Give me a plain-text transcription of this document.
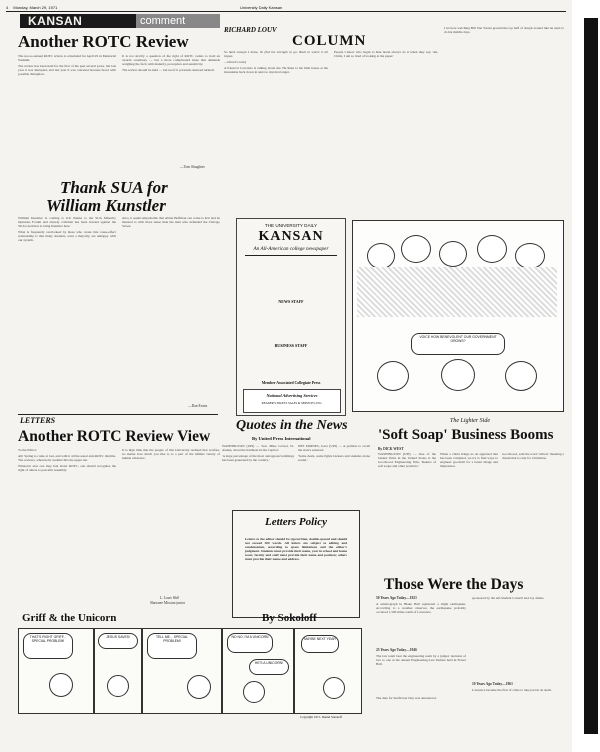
4 Monday, March 29, 1971	University Daily Kansan
KANSAN	comment
Another ROTC Review

The not-so-annual ROTC review is scheduled for April 29 in Memorial Stadium.

The review has been held for the first of the past several years, but last year it was disrupted, and last year it was canceled because faced with possible disruption.

It is not strictly a question of the right of ROTC cadets to hold an awards ceremony — but a more complicated issue that demands weighing the facts with maturity, perception and sensitivity.

The review should be held — but not if it portends renewed turmoil.

—Tom Slaughter
Thank SUA for
William Kunstler

William Kunstler is coming to KU thanks to the SUA Minority Opinions Forum and already criticism has been leveled against the SUA's decision to bring Kunstler here.

What is frequently overlooked by those who create this cause-effect relationship is that many students, even a majority, are unhappy with our system.

Also, it seems improbable that Abbie Hoffman can come to KU and be listened to with more sense than the man who defended the Chicago Seven.

—Dan Evans
LETTERS
Another ROTC Review View

To the Editor:

Ah! Spring is come at last, and with it all the usual anti-ROTC diatribe. The reviews, when held, weather hits the upper ten.

Whatever else one may feel about ROTC, one should recognize the right of others to peaceful assembly.

It is high time that the people of this University realized that warfare, no matter how much you like it, is a part of the infinite variety of human existence.

L. Louis Wall
Shawnee Mission junior
RICHARD LOUV
COLUMN

So hard enough I know. To find the strength to go. Back to where it all began.

—David Crosby

A friend at Colorado is talking about me. He links to his little house at the mountains back down in narrow, mystical anger.

People I know who begin to hate bread always do it when they say, 'Ah, Christ, I am so tired of looking at the paper.'

I let here watching Bill Van Torten ground the top half of dough around like he used to do his middle days.

THE UNIVERSITY DAILY
KANSAN
An All-American college newspaper
NEWS STAFF
BUSINESS STAFF
Member Associated Collegiate Press
National Advertising Services
READER'S DIGEST SALES & SERVICES, INC.
VOICE HOW BENEVOLENT OUR GOVERNMENT GROWS?
Quotes in the News
By United Press International

WASHINGTON (UPI) — Sen. Mike Gravel, D-Alaska, about the hardness in the Capitol:

'A large percentage of the most outrageous bombings has been generated by the country.'

DES MOINES, Iowa (UPI) — A petition to recall the state's senators:

'Some deals, some fights backers and students alone sound.'

Letters Policy
Letters to the editor should be typewritten, double-spaced and should not exceed 300 words. All letters are subject to editing and condensation, according to space limitations and the editor's judgment. Students must provide their name, year in school and home town; faculty and staff must provide their name and position; others must provide their name and address.
The Lighter Side
'Soft Soap' Business Booms
By DICK WEST

WASHINGTON (UPI) — One of the busiest firms in the United States is the Goodwood Engineering firm, 'makers of soft soaps and other products.'

When a client brings us an appraisal that has been compiled, we try to find ways to engineer goodwill for a better image and impression.

Goodwood, said the word 'wilted,' meaning a dream that is only for Christmas.

Those Were the Days
50 Years Ago Today—1921
A seismograph in Blake Hall registered a slight earthquake. According to a weather observer, the earthquake probably occurred 1,500 miles south of Lawrence.
25 Years Ago Today—1946
The law team beat the engineering team by a judges' decision of two to one at the annual Engineering-Law Debate held in Fraser Hall.
The date for Sunflower Day was announced.
sponsored by the All-Student Council and Joy James.
10 Years Ago Today—1961
Lawrence became the first of cities to take part in an audit.
Griff & the Unicorn	By Sokoloff
THAT'S RIGHT GRIFF... SPECIAL PROBLEM!
JESUS SAVES!	TELL ME... SPECIAL PROBLEM!
NO NO. I'M A UNICORN
HE'S A UNICORN!
MAYBE NEXT YEAR
Copyright 1971, Daniel Sokoloff
